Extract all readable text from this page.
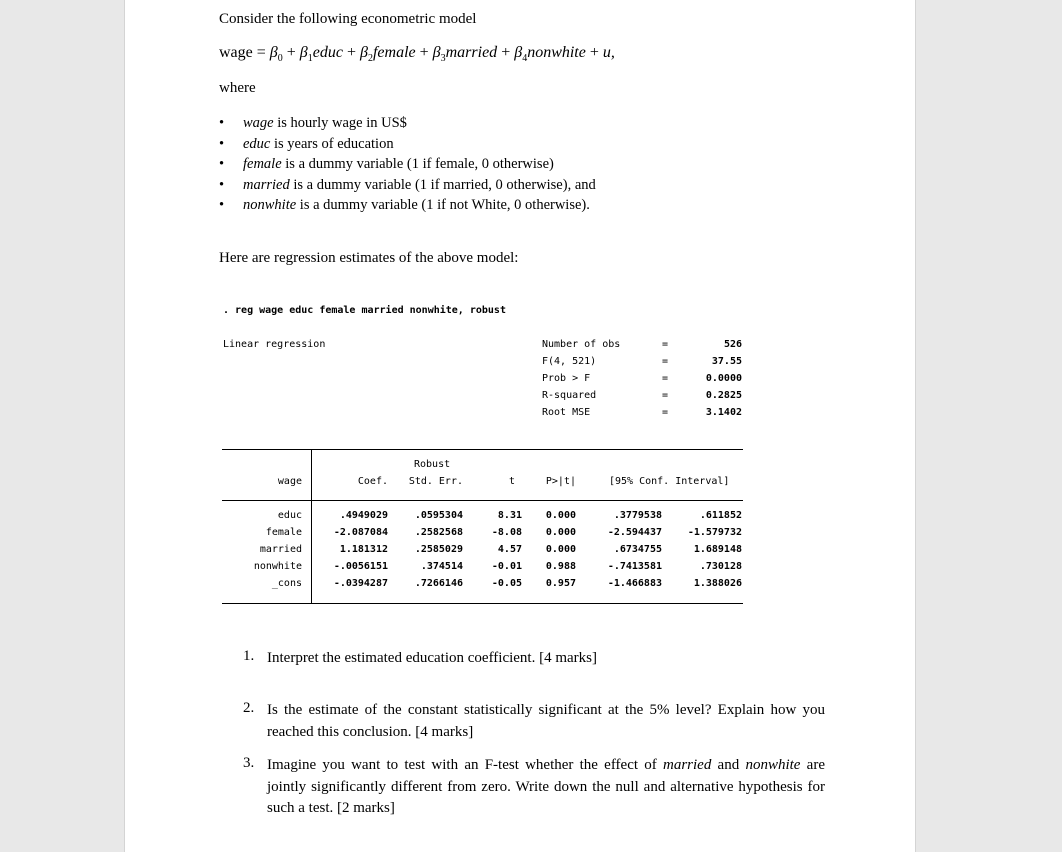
Consider the following econometric model
wage = $\beta_0$ + $\beta_1educ$ + $\beta_2female$ + $\beta_3married$ + $\beta_4nonwhite + u$,
where
• wage is hourly wage in US$
• educ is years of education
• female is a dummy variable (1 if female, 0 otherwise)
• married is a dummy variable (1 if married, 0 otherwise), and
• nonwhite is a dummy variable (1 if not White, 0 otherwise).
Here are regression estimates of the above model:
. reg wage educ female married nonwhite, robust
Linear regression	Number of obs	=	526
F(4, 521)	=	37.55
Prob > F	=	0.0000
R-squared	=	0.2825
Root MSE	=	3.1402
Robust
wage	Coef.	Std. Err.	t	P>|t|	[95% Conf. Interval]
educ	.4949029	.0595304	8.31	0.000	.3779538	.611852
female	-2.087084	.2582568	-8.08	0.000	-2.594437	-1.579732
married	1.181312	.2585029	4.57	0.000	.6734755	1.689148
nonwhite	-.0056151	.374514	-0.01	0.988	-.7413581	.730128
_cons	-.0394287	.7266146	-0.05	0.957	-1.466883	1.388026
1. Interpret the estimated education coefficient. [4 marks]
2. Is the estimate of the constant statistically significant at the 5% level? Explain how you reached this conclusion. [4 marks]
3. Imagine you want to test with an F-test whether the effect of married and nonwhite are jointly significantly different from zero. Write down the null and alternative hypothesis for such a test. [2 marks]
